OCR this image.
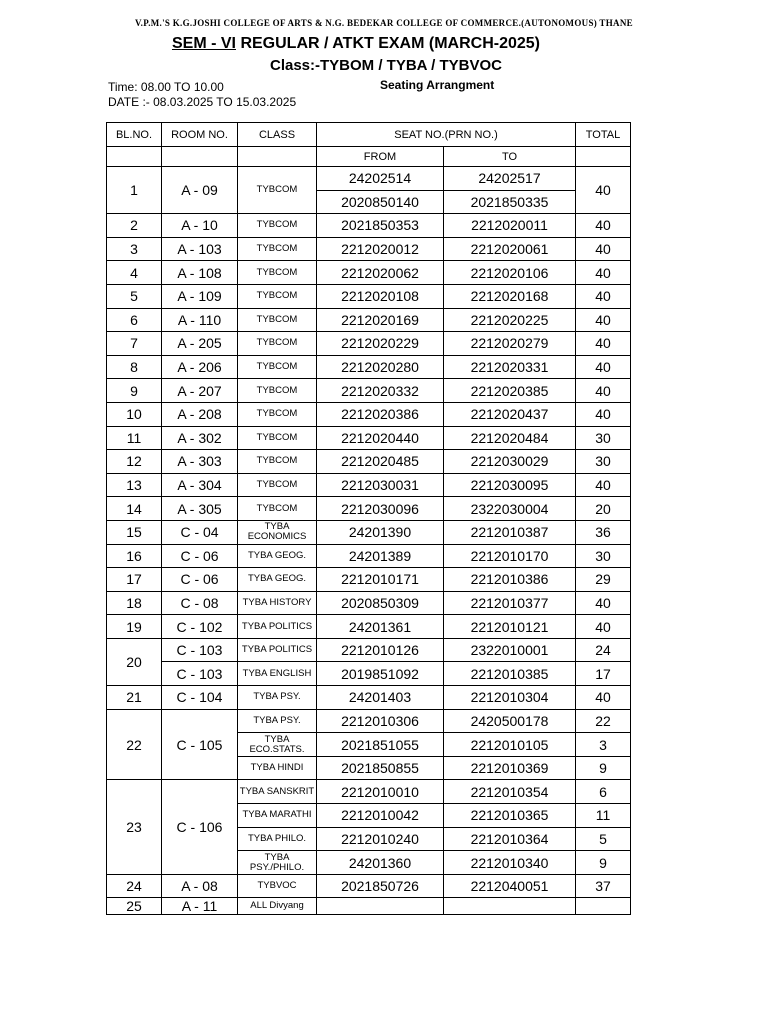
V.P.M.'S K.G.JOSHI COLLEGE OF ARTS & N.G. BEDEKAR COLLEGE OF COMMERCE.(AUTONOMOUS) THANE
SEM - VI REGULAR / ATKT EXAM (MARCH-2025)
Class:-TYBOM / TYBA / TYBVOC
Time: 08.00 TO 10.00	Seating Arrangment
DATE :- 08.03.2025 TO 15.03.2025
BL.NO.	ROOM NO.	CLASS	SEAT NO.(PRN NO.)		TOTAL
			FROM	TO	
1	A - 09	TYBCOM	24202514	24202517	40
			2020850140	2021850335	
2	A - 10	TYBCOM	2021850353	2212020011	40
3	A - 103	TYBCOM	2212020012	2212020061	40
4	A - 108	TYBCOM	2212020062	2212020106	40
5	A - 109	TYBCOM	2212020108	2212020168	40
6	A - 110	TYBCOM	2212020169	2212020225	40
7	A - 205	TYBCOM	2212020229	2212020279	40
8	A - 206	TYBCOM	2212020280	2212020331	40
9	A - 207	TYBCOM	2212020332	2212020385	40
10	A - 208	TYBCOM	2212020386	2212020437	40
11	A - 302	TYBCOM	2212020440	2212020484	30
12	A - 303	TYBCOM	2212020485	2212030029	30
13	A - 304	TYBCOM	2212030031	2212030095	40
14	A - 305	TYBCOM	2212030096	2322030004	20
15	C - 04	TYBA ECONOMICS	24201390	2212010387	36
16	C - 06	TYBA GEOG.	24201389	2212010170	30
17	C - 06	TYBA GEOG.	2212010171	2212010386	29
18	C - 08	TYBA HISTORY	2020850309	2212010377	40
19	C - 102	TYBA POLITICS	24201361	2212010121	40
20	C - 103	TYBA POLITICS	2212010126	2322010001	24
	C - 103	TYBA ENGLISH	2019851092	2212010385	17
21	C - 104	TYBA PSY.	24201403	2212010304	40
22	C - 105	TYBA PSY.	2212010306	2420500178	22
		TYBA ECO.STATS.	2021851055	2212010105	3
		TYBA HINDI	2021850855	2212010369	9
23	C - 106	TYBA SANSKRIT	2212010010	2212010354	6
		TYBA MARATHI	2212010042	2212010365	11
		TYBA PHILO.	2212010240	2212010364	5
		TYBA PSY./PHILO.	24201360	2212010340	9
24	A - 08	TYBVOC	2021850726	2212040051	37
25	A - 11	ALL Divyang			
